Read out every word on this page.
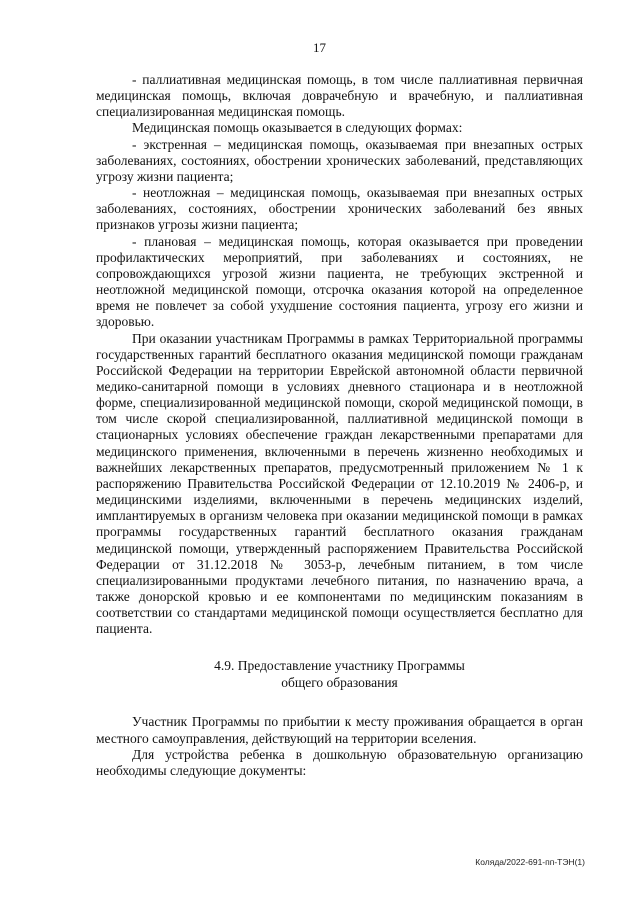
17

- паллиативная медицинская помощь, в том числе паллиативная первичная медицинская помощь, включая доврачебную и врачебную, и паллиативная специализированная медицинская помощь.

Медицинская помощь оказывается в следующих формах:

- экстренная – медицинская помощь, оказываемая при внезапных острых заболеваниях, состояниях, обострении хронических заболеваний, представляющих угрозу жизни пациента;

- неотложная – медицинская помощь, оказываемая при внезапных острых заболеваниях, состояниях, обострении хронических заболеваний без явных признаков угрозы жизни пациента;

- плановая – медицинская помощь, которая оказывается при проведении профилактических мероприятий, при заболеваниях и состояниях, не сопровождающихся угрозой жизни пациента, не требующих экстренной и неотложной медицинской помощи, отсрочка оказания которой на определенное время не повлечет за собой ухудшение состояния пациента, угрозу его жизни и здоровью.

При оказании участникам Программы в рамках Территориальной программы государственных гарантий бесплатного оказания медицинской помощи гражданам Российской Федерации на территории Еврейской автономной области первичной медико-санитарной помощи в условиях дневного стационара и в неотложной форме, специализированной медицинской помощи, скорой медицинской помощи, в том числе скорой специализированной, паллиативной медицинской помощи в стационарных условиях обеспечение граждан лекарственными препаратами для медицинского применения, включенными в перечень жизненно необходимых и важнейших лекарственных препаратов, предусмотренный приложением № 1 к распоряжению Правительства Российской Федерации от 12.10.2019 № 2406-р, и медицинскими изделиями, включенными в перечень медицинских изделий, имплантируемых в организм человека при оказании медицинской помощи в рамках программы государственных гарантий бесплатного оказания гражданам медицинской помощи, утвержденный распоряжением Правительства Российской Федерации от 31.12.2018 № 3053-р, лечебным питанием, в том числе специализированными продуктами лечебного питания, по назначению врача, а также донорской кровью и ее компонентами по медицинским показаниям в соответствии со стандартами медицинской помощи осуществляется бесплатно для пациента.

4.9. Предоставление участнику Программы
общего образования

Участник Программы по прибытии к месту проживания обращается в орган местного самоуправления, действующий на территории вселения.

Для устройства ребенка в дошкольную образовательную организацию необходимы следующие документы:

Коляда/2022-691-пп-ТЭН(1)
